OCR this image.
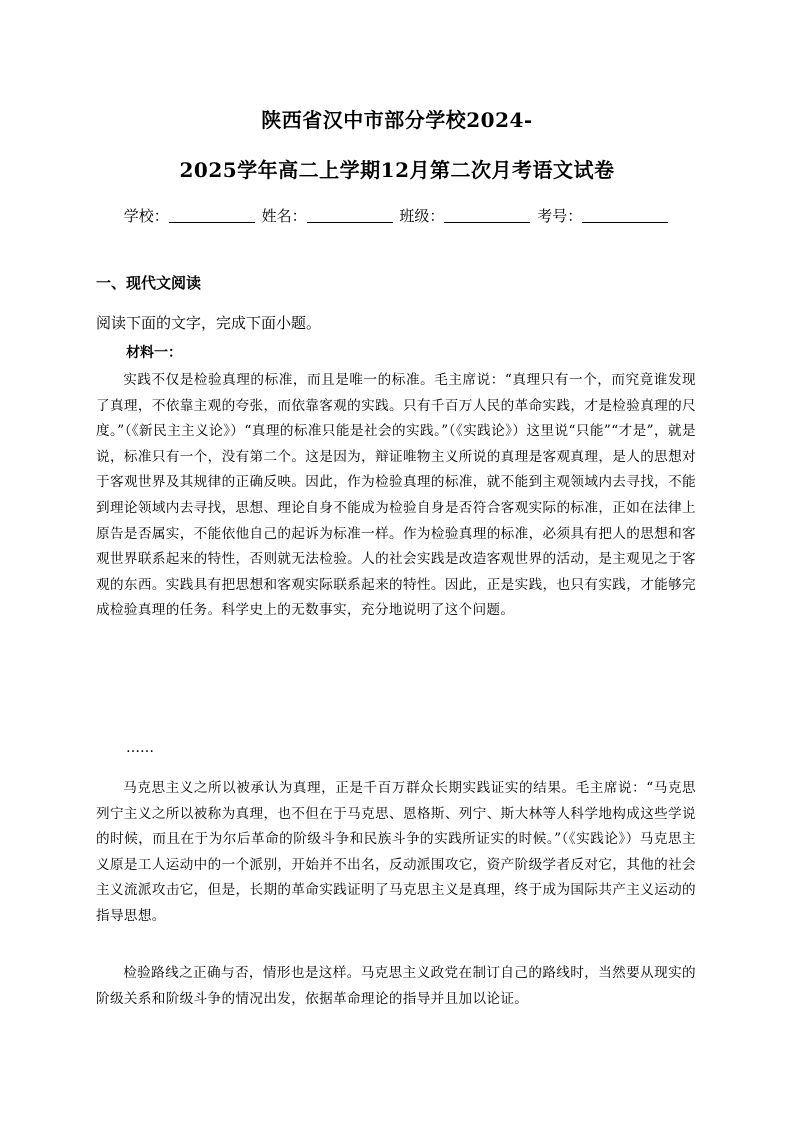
陕西省汉中市部分学校2024-
2025学年高二上学期12月第二次月考语文试卷
学校：	姓名：	班级：	考号：
一、现代文阅读
阅读下面的文字，完成下面小题。
材料一：

实践不仅是检验真理的标准，而且是唯一的标准。毛主席说：“真理只有一个，而究竟谁发现了真理，不依靠主观的夸张，而依靠客观的实践。只有千百万人民的革命实践，才是检验真理的尺度。”（《新民主主义论》）“真理的标准只能是社会的实践。”（《实践论》）这里说“只能”“才是”，就是说，标准只有一个，没有第二个。这是因为，辩证唯物主义所说的真理是客观真理，是人的思想对于客观世界及其规律的正确反映。因此，作为检验真理的标准，就不能到主观领域内去寻找，不能到理论领域内去寻找，思想、理论自身不能成为检验自身是否符合客观实际的标准，正如在法律上原告是否属实，不能依他自己的起诉为标准一样。作为检验真理的标准，必须具有把人的思想和客观世界联系起来的特性，否则就无法检验。人的社会实践是改造客观世界的活动，是主观见之于客观的东西。实践具有把思想和客观实际联系起来的特性。因此，正是实践，也只有实践，才能够完成检验真理的任务。科学史上的无数事实，充分地说明了这个问题。

……

马克思主义之所以被承认为真理，正是千百万群众长期实践证实的结果。毛主席说：“马克思列宁主义之所以被称为真理，也不但在于马克思、恩格斯、列宁、斯大林等人科学地构成这些学说的时候，而且在于为尔后革命的阶级斗争和民族斗争的实践所证实的时候。”（《实践论》）马克思主义原是工人运动中的一个派别，开始并不出名，反动派围攻它，资产阶级学者反对它，其他的社会主义流派攻击它，但是，长期的革命实践证明了马克思主义是真理，终于成为国际共产主义运动的指导思想。

检验路线之正确与否，情形也是这样。马克思主义政党在制订自己的路线时，当然要从现实的阶级关系和阶级斗争的情况出发，依据革命理论的指导并且加以论证。
